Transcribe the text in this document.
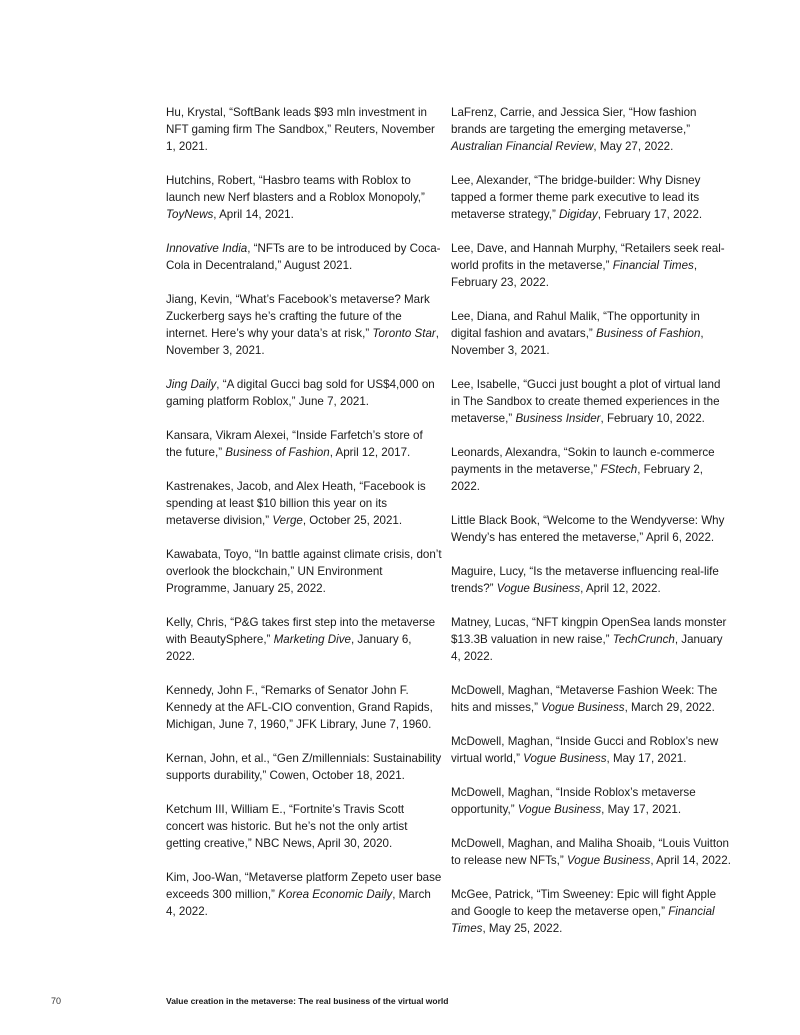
Hu, Krystal, “SoftBank leads $93 mln investment in NFT gaming firm The Sandbox,” Reuters, November 1, 2021.

Hutchins, Robert, “Hasbro teams with Roblox to launch new Nerf blasters and a Roblox Monopoly,” ToyNews, April 14, 2021.

Innovative India, “NFTs are to be introduced by Coca-Cola in Decentraland,” August 2021.

Jiang, Kevin, “What’s Facebook’s metaverse? Mark Zuckerberg says he’s crafting the future of the internet. Here’s why your data’s at risk,” Toronto Star, November 3, 2021.

Jing Daily, “A digital Gucci bag sold for US$4,000 on gaming platform Roblox,” June 7, 2021.

Kansara, Vikram Alexei, “Inside Farfetch’s store of the future,” Business of Fashion, April 12, 2017.

Kastrenakes, Jacob, and Alex Heath, “Facebook is spending at least $10 billion this year on its metaverse division,” Verge, October 25, 2021.

Kawabata, Toyo, “In battle against climate crisis, don’t overlook the blockchain,” UN Environment Programme, January 25, 2022.

Kelly, Chris, “P&G takes first step into the metaverse with BeautySphere,” Marketing Dive, January 6, 2022.

Kennedy, John F., “Remarks of Senator John F. Kennedy at the AFL-CIO convention, Grand Rapids, Michigan, June 7, 1960,” JFK Library, June 7, 1960.

Kernan, John, et al., “Gen Z/millennials: Sustainability supports durability,” Cowen, October 18, 2021.

Ketchum III, William E., “Fortnite’s Travis Scott concert was historic. But he’s not the only artist getting creative,” NBC News, April 30, 2020.

Kim, Joo-Wan, “Metaverse platform Zepeto user base exceeds 300 million,” Korea Economic Daily, March 4, 2022.

LaFrenz, Carrie, and Jessica Sier, “How fashion brands are targeting the emerging metaverse,” Australian Financial Review, May 27, 2022.

Lee, Alexander, “The bridge-builder: Why Disney tapped a former theme park executive to lead its metaverse strategy,” Digiday, February 17, 2022.

Lee, Dave, and Hannah Murphy, “Retailers seek real-world profits in the metaverse,” Financial Times, February 23, 2022.

Lee, Diana, and Rahul Malik, “The opportunity in digital fashion and avatars,” Business of Fashion, November 3, 2021.

Lee, Isabelle, “Gucci just bought a plot of virtual land in The Sandbox to create themed experiences in the metaverse,” Business Insider, February 10, 2022.

Leonards, Alexandra, “Sokin to launch e-commerce payments in the metaverse,” FStech, February 2, 2022.

Little Black Book, “Welcome to the Wendyverse: Why Wendy’s has entered the metaverse,” April 6, 2022.

Maguire, Lucy, “Is the metaverse influencing real-life trends?” Vogue Business, April 12, 2022.

Matney, Lucas, “NFT kingpin OpenSea lands monster $13.3B valuation in new raise,” TechCrunch, January 4, 2022.

McDowell, Maghan, “Metaverse Fashion Week: The hits and misses,” Vogue Business, March 29, 2022.

McDowell, Maghan, “Inside Gucci and Roblox’s new virtual world,” Vogue Business, May 17, 2021.

McDowell, Maghan, “Inside Roblox’s metaverse opportunity,” Vogue Business, May 17, 2021.

McDowell, Maghan, and Maliha Shoaib, “Louis Vuitton to release new NFTs,” Vogue Business, April 14, 2022.

McGee, Patrick, “Tim Sweeney: Epic will fight Apple and Google to keep the metaverse open,” Financial Times, May 25, 2022.

70	Value creation in the metaverse: The real business of the virtual world
